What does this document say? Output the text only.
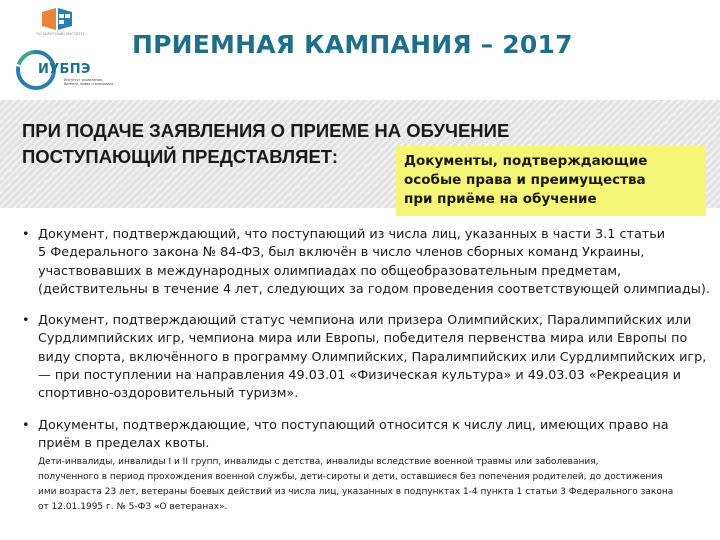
ТАГАНРОГСКИЙ ИНСТИТУТ...
ИУБПЭ
Институт управления, бизнеса, права и экономики
ПРИЕМНАЯ КАМПАНИЯ – 2017
ПРИ ПОДАЧЕ ЗАЯВЛЕНИЯ О ПРИЕМЕ НА ОБУЧЕНИЕ
ПОСТУПАЮЩИЙ ПРЕДСТАВЛЯЕТ:	Документы, подтверждающие
особые права и преимущества
при приёме на обучение
• Документ, подтверждающий, что поступающий из числа лиц, указанных в части 3.1 статьи
5 Федерального закона № 84-ФЗ, был включён в число членов сборных команд Украины,
участвовавших в международных олимпиадах по общеобразовательным предметам,
(действительны в течение 4 лет, следующих за годом проведения соответствующей олимпиады).
• Документ, подтверждающий статус чемпиона или призера Олимпийских, Паралимпийских или
Сурдлимпийских игр, чемпиона мира или Европы, победителя первенства мира или Европы по
виду спорта, включённого в программу Олимпийских, Паралимпийских или Сурдлимпийских игр,
— при поступлении на направления 49.03.01 «Физическая культура» и 49.03.03 «Рекреация и
спортивно-оздоровительный туризм».
• Документы, подтверждающие, что поступающий относится к числу лиц, имеющих право на
приём в пределах квоты.
Дети-инвалиды, инвалиды I и II групп, инвалиды с детства, инвалиды вследствие военной травмы или заболевания,
полученного в период прохождения военной службы, дети-сироты и дети, оставшиеся без попечения родителей, до достижения
ими возраста 23 лет, ветераны боевых действий из числа лиц, указанных в подпунктах 1-4 пункта 1 статьи 3 Федерального закона
от 12.01.1995 г. № 5-ФЗ «О ветеранах».
